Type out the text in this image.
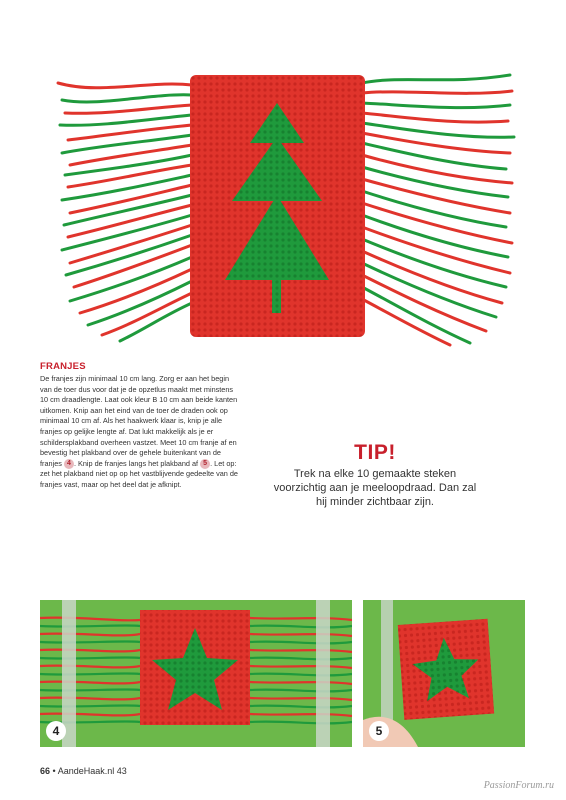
FRANJES

De franjes zijn minimaal 10 cm lang. Zorg er aan het begin van de toer dus voor dat je de opzetlus maakt met minstens 10 cm draadlengte. Laat ook kleur B 10 cm aan beide kanten uitkomen. Knip aan het eind van de toer de draden ook op minimaal 10 cm af. Als het haakwerk klaar is, knip je alle franjes op gelijke lengte af. Dat lukt makkelijk als je er schildersplakband overheen vastzet. Meet 10 cm franje af en bevestig het plakband over de gehele buitenkant van de franjes 4 . Knip de franjes langs het plakband af 5 . Let op: zet het plakband niet op op het vastblijvende gedeelte van de franjes vast, maar op het deel dat je afknipt.

TIP!
Trek na elke 10 gemaakte steken voorzichtig aan je meeloopdraad. Dan zal hij minder zichtbaar zijn.
4	5
66 • AandeHaak.nl 43
PassionForum.ru
